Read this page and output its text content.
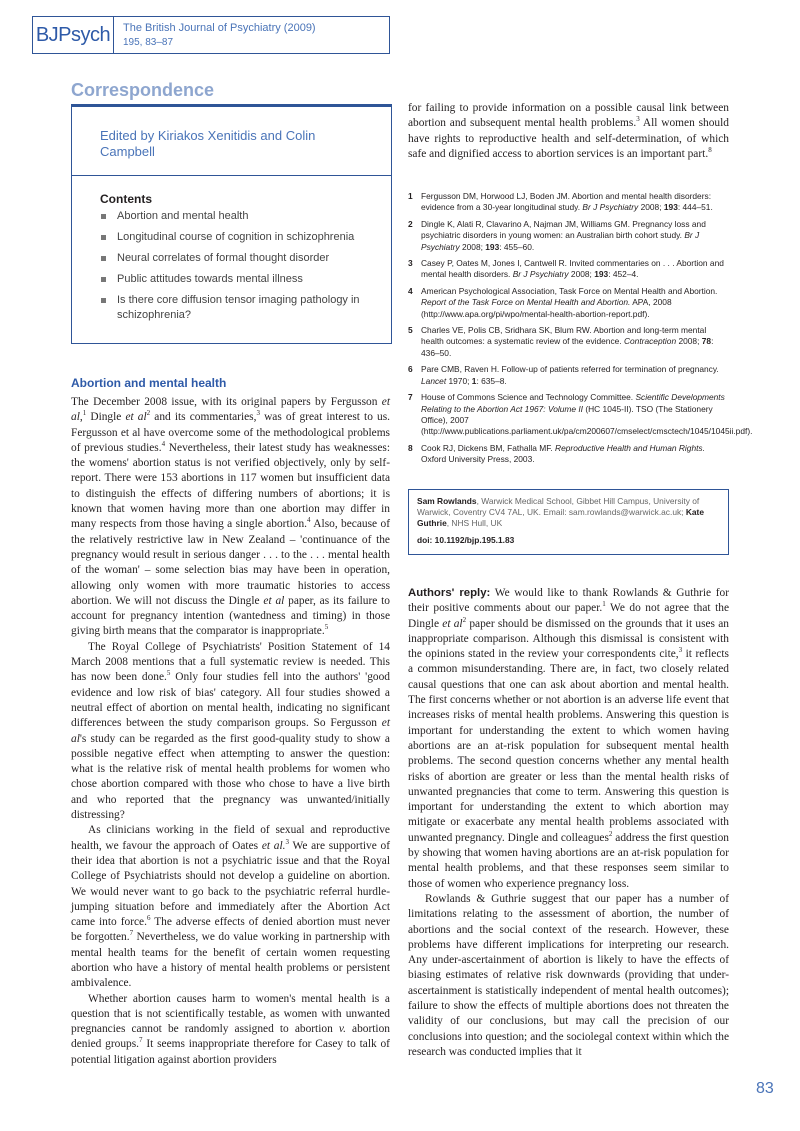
BJPsych	The British Journal of Psychiatry (2009)
195, 83–87
Correspondence
Edited by Kiriakos Xenitidis and Colin Campbell
Contents
Abortion and mental health
Longitudinal course of cognition in schizophrenia
Neural correlates of formal thought disorder
Public attitudes towards mental illness
Is there core diffusion tensor imaging pathology in schizophrenia?
Abortion and mental health

The December 2008 issue, with its original papers by Fergusson et al,$^1$ Dingle et $al^2$ and its commentaries,$^3$ was of great interest to us. Fergusson et al have overcome some of the methodological problems of previous studies.$^4$ Nevertheless, their latest study has weaknesses: the womens' abortion status is not verified objectively, only by self-report. There were 153 abortions in 117 women but insufficient data to distinguish the effects of differing numbers of abortions; it is known that women having more than one abortion may differ in many respects from those having a single abortion.$^4$ Also, because of the relatively restrictive law in New Zealand – 'continuance of the pregnancy would result in serious danger . . . to the . . . mental health of the woman' – some selection bias may have been in operation, allowing only women with more traumatic histories to access abortion. We will not discuss the Dingle et al paper, as its failure to account for pregnancy intention (wantedness and timing) in those giving birth means that the comparator is inappropriate.$^5$

The Royal College of Psychiatrists' Position Statement of 14 March 2008 mentions that a full systematic review is needed. This has now been done.$^5$ Only four studies fell into the authors' 'good evidence and low risk of bias' category. All four studies showed a neutral effect of abortion on mental health, indicating no significant differences between the study comparison groups. So Fergusson et al's study can be regarded as the first good-quality study to show a possible negative effect when attempting to answer the question: what is the relative risk of mental health problems for women who chose abortion compared with those who chose to have a live birth and who reported that the pregnancy was unwanted/initially distressing?

As clinicians working in the field of sexual and reproductive health, we favour the approach of Oates et al.$^3$ We are supportive of their idea that abortion is not a psychiatric issue and that the Royal College of Psychiatrists should not develop a guideline on abortion. We would never want to go back to the psychiatric referral hurdle-jumping situation before and immediately after the Abortion Act came into force.$^6$ The adverse effects of denied abortion must never be forgotten.$^7$ Nevertheless, we do value working in partnership with mental health teams for the benefit of certain women requesting abortion who have a history of mental health problems or persistent ambivalence.

Whether abortion causes harm to women's mental health is a question that is not scientifically testable, as women with unwanted pregnancies cannot be randomly assigned to abortion v. abortion denied groups.$^7$ It seems inappropriate therefore for Casey to talk of potential litigation against abortion providers

for failing to provide information on a possible causal link between abortion and subsequent mental health problems.$^3$ All women should have rights to reproductive health and self-determination, of which safe and dignified access to abortion services is an important part.$^8$

1 Fergusson DM, Horwood LJ, Boden JM. Abortion and mental health disorders: evidence from a 30-year longitudinal study. Br J Psychiatry 2008; 193: 444–51.
2 Dingle K, Alati R, Clavarino A, Najman JM, Williams GM. Pregnancy loss and psychiatric disorders in young women: an Australian birth cohort study. Br J Psychiatry 2008; 193: 455–60.
3 Casey P, Oates M, Jones I, Cantwell R. Invited commentaries on . . . Abortion and mental health disorders. Br J Psychiatry 2008; 193: 452–4.
4 American Psychological Association, Task Force on Mental Health and Abortion. Report of the Task Force on Mental Health and Abortion. APA, 2008 (http://www.apa.org/pi/wpo/mental-health-abortion-report.pdf).
5 Charles VE, Polis CB, Sridhara SK, Blum RW. Abortion and long-term mental health outcomes: a systematic review of the evidence. Contraception 2008; 78: 436–50.
6 Pare CMB, Raven H. Follow-up of patients referred for termination of pregnancy. Lancet 1970; 1: 635–8.
7 House of Commons Science and Technology Committee. Scientific Developments Relating to the Abortion Act 1967: Volume II (HC 1045-II). TSO (The Stationery Office), 2007 (http://www.publications.parliament.uk/pa/cm200607/cmselect/cmsctech/1045/1045ii.pdf).
8 Cook RJ, Dickens BM, Fathalla MF. Reproductive Health and Human Rights. Oxford University Press, 2003.
Sam Rowlands, Warwick Medical School, Gibbet Hill Campus, University of Warwick, Coventry CV4 7AL, UK. Email: sam.rowlands@warwick.ac.uk; Kate Guthrie, NHS Hull, UK
doi: 10.1192/bjp.195.1.83

Authors' reply: We would like to thank Rowlands & Guthrie for their positive comments about our paper.$^1$ We do not agree that the Dingle et $al^2$ paper should be dismissed on the grounds that it uses an inappropriate comparison. Although this dismissal is consistent with the opinions stated in the review your correspondents cite,$^3$ it reflects a common misunderstanding. There are, in fact, two closely related causal questions that one can ask about abortion and mental health. The first concerns whether or not abortion is an adverse life event that increases risks of mental health problems. Answering this question is important for understanding the extent to which women having abortions are an at-risk population for subsequent mental health problems. The second question concerns whether any mental health risks of abortion are greater or less than the mental health risks of unwanted pregnancies that come to term. Answering this question is important for understanding the extent to which abortion may mitigate or exacerbate any mental health problems associated with unwanted pregnancy. Dingle and colleagues$^2$ address the first question by showing that women having abortions are an at-risk population for mental health problems, and that these responses seem similar to those of women who experience pregnancy loss.

Rowlands & Guthrie suggest that our paper has a number of limitations relating to the assessment of abortion, the number of abortions and the social context of the research. However, these problems have different implications for interpreting our research. Any under-ascertainment of abortion is likely to have the effects of biasing estimates of relative risk downwards (providing that under-ascertainment is statistically independent of mental health outcomes); failure to show the effects of multiple abortions does not threaten the validity of our conclusions, but may call the precision of our conclusions into question; and the sociolegal context within which the research was conducted implies that it

83
